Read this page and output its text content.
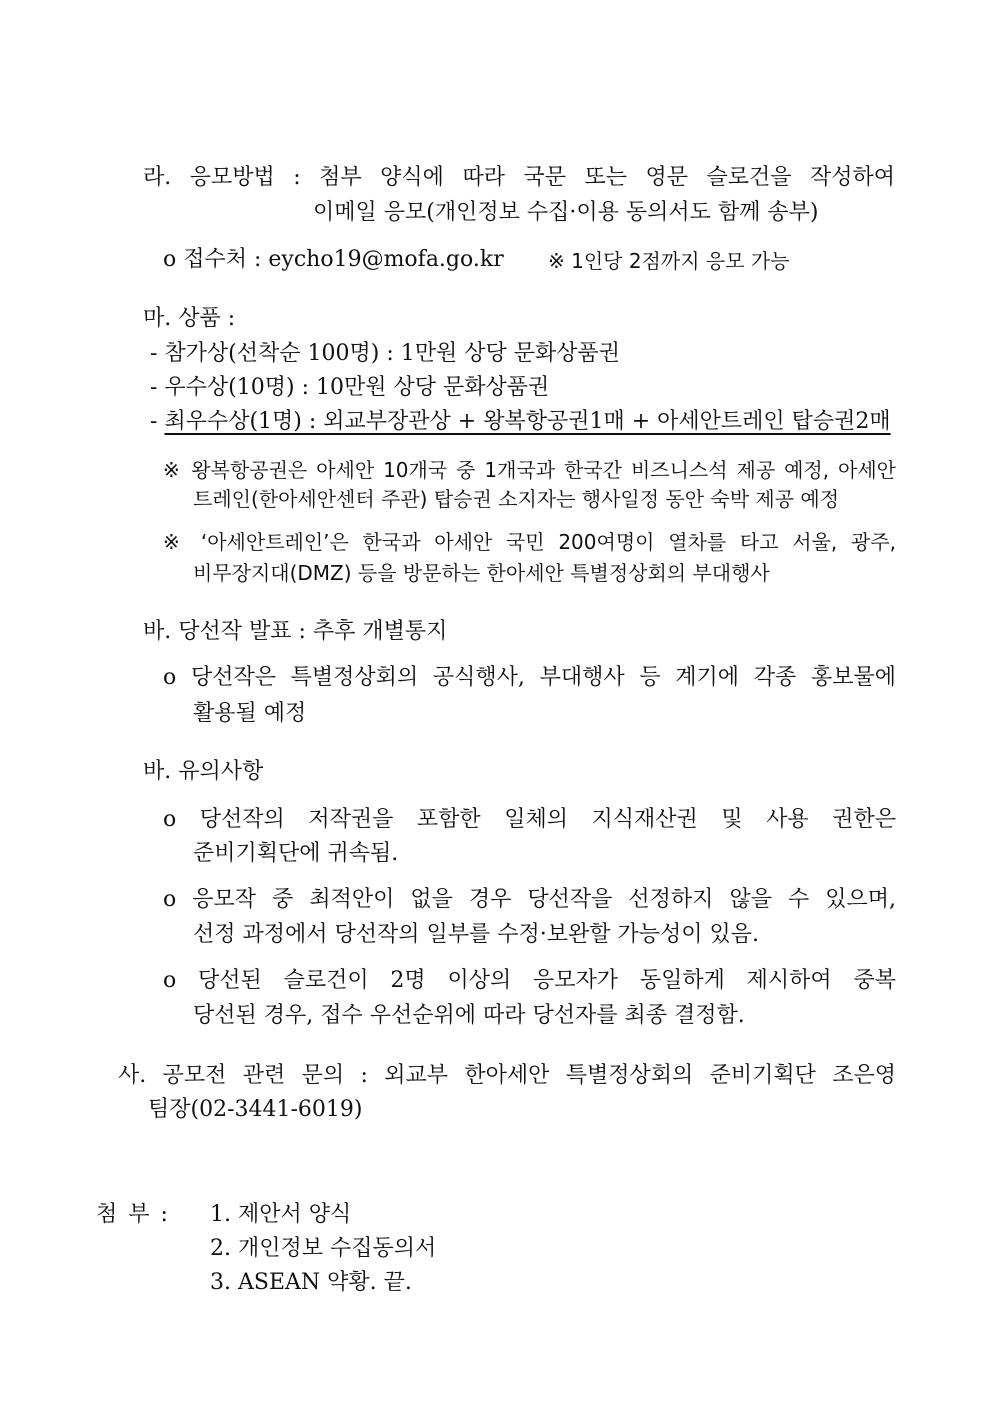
라. 응모방법 : 첨부 양식에 따라 국문 또는 영문 슬로건을 작성하여
이메일 응모(개인정보 수집·이용 동의서도 함께 송부)
o 접수처 : eycho19@mofa.go.kr ※ 1인당 2점까지 응모 가능
마. 상품 :
- 참가상(선착순 100명) : 1만원 상당 문화상품권
- 우수상(10명) : 10만원 상당 문화상품권
- 최우수상(1명) : 외교부장관상 + 왕복항공권1매 + 아세안트레인 탑승권2매
※ 왕복항공권은 아세안 10개국 중 1개국과 한국간 비즈니스석 제공 예정, 아세안
트레인(한아세안센터 주관) 탑승권 소지자는 행사일정 동안 숙박 제공 예정
※ ‘아세안트레인’은 한국과 아세안 국민 200여명이 열차를 타고 서울, 광주,
비무장지대(DMZ) 등을 방문하는 한아세안 특별정상회의 부대행사
바. 당선작 발표 : 추후 개별통지
o 당선작은 특별정상회의 공식행사, 부대행사 등 계기에 각종 홍보물에
활용될 예정
바. 유의사항
o 당선작의 저작권을 포함한 일체의 지식재산권 및 사용 권한은
준비기획단에 귀속됨.
o 응모작 중 최적안이 없을 경우 당선작을 선정하지 않을 수 있으며,
선정 과정에서 당선작의 일부를 수정·보완할 가능성이 있음.
o 당선된 슬로건이 2명 이상의 응모자가 동일하게 제시하여 중복
당선된 경우, 접수 우선순위에 따라 당선자를 최종 결정함.
사. 공모전 관련 문의 : 외교부 한아세안 특별정상회의 준비기획단 조은영
팀장(02-3441-6019)
첨 부 : 1. 제안서 양식
2. 개인정보 수집동의서
3. ASEAN 약황. 끝.
